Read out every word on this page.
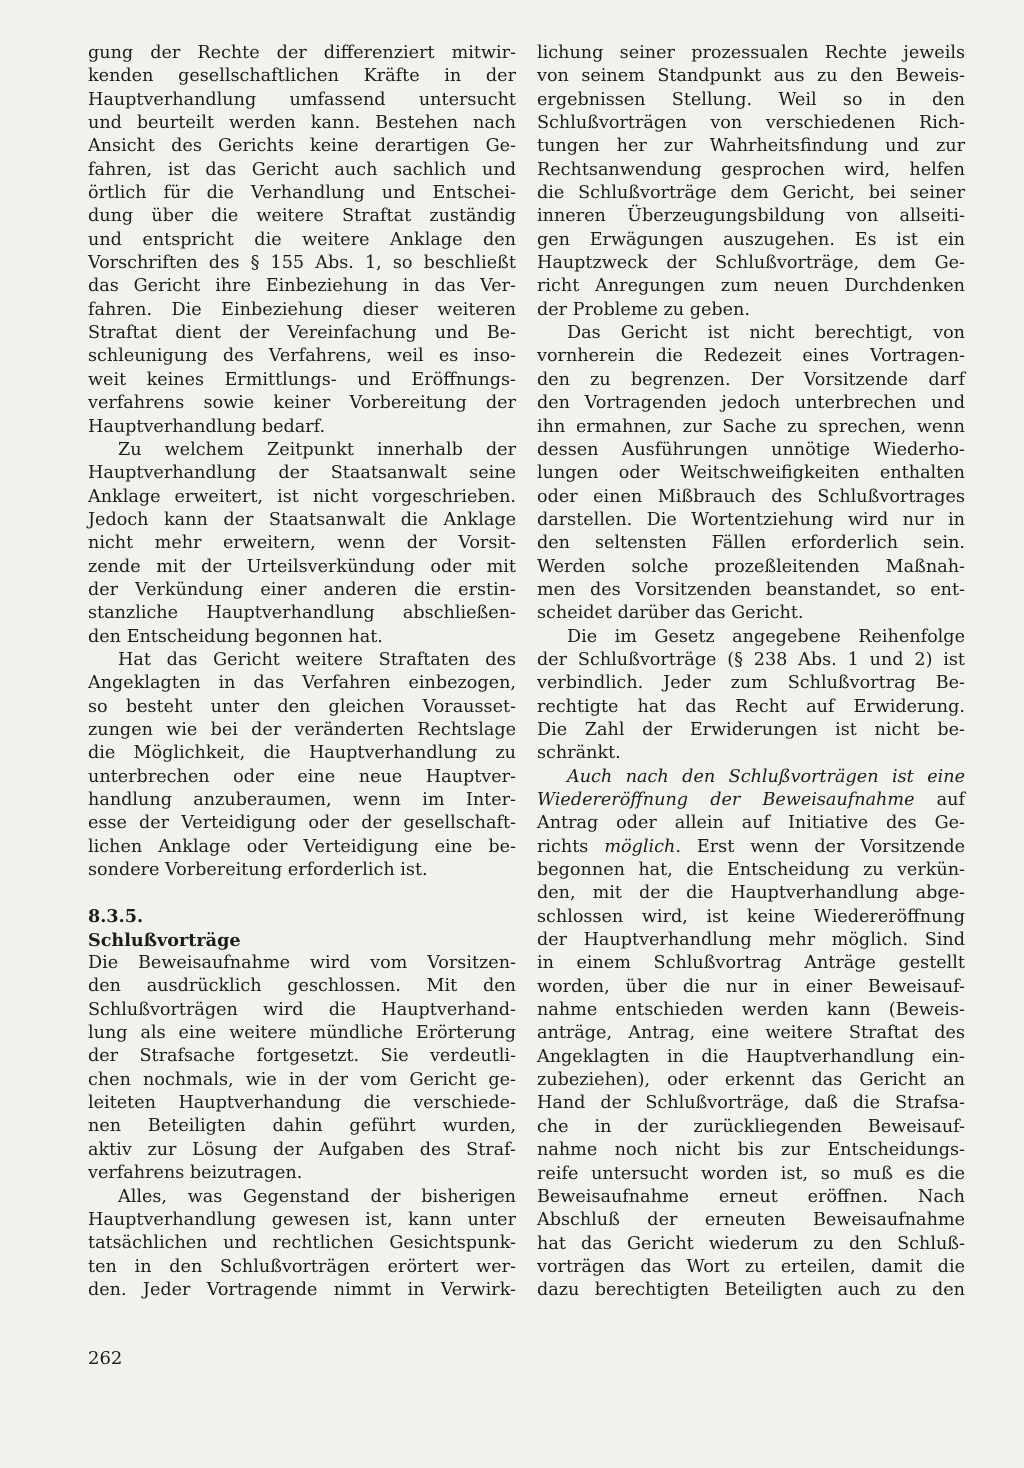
gung der Rechte der differenziert mitwir-
kenden gesellschaftlichen Kräfte in der
Hauptverhandlung umfassend untersucht
und beurteilt werden kann. Bestehen nach
Ansicht des Gerichts keine derartigen Ge-
fahren, ist das Gericht auch sachlich und
örtlich für die Verhandlung und Entschei-
dung über die weitere Straftat zuständig
und entspricht die weitere Anklage den
Vorschriften des § 155 Abs. 1, so beschließt
das Gericht ihre Einbeziehung in das Ver-
fahren. Die Einbeziehung dieser weiteren
Straftat dient der Vereinfachung und Be-
schleunigung des Verfahrens, weil es inso-
weit keines Ermittlungs- und Eröffnungs-
verfahrens sowie keiner Vorbereitung der
Hauptverhandlung bedarf.
Zu welchem Zeitpunkt innerhalb der
Hauptverhandlung der Staatsanwalt seine
Anklage erweitert, ist nicht vorgeschrieben.
Jedoch kann der Staatsanwalt die Anklage
nicht mehr erweitern, wenn der Vorsit-
zende mit der Urteilsverkündung oder mit
der Verkündung einer anderen die erstin-
stanzliche Hauptverhandlung abschließen-
den Entscheidung begonnen hat.
Hat das Gericht weitere Straftaten des
Angeklagten in das Verfahren einbezogen,
so besteht unter den gleichen Vorausset-
zungen wie bei der veränderten Rechtslage
die Möglichkeit, die Hauptverhandlung zu
unterbrechen oder eine neue Hauptver-
handlung anzuberaumen, wenn im Inter-
esse der Verteidigung oder der gesellschaft-
lichen Anklage oder Verteidigung eine be-
sondere Vorbereitung erforderlich ist.
8.3.5.
Schlußvorträge
Die Beweisaufnahme wird vom Vorsitzen-
den ausdrücklich geschlossen. Mit den
Schlußvorträgen wird die Hauptverhand-
lung als eine weitere mündliche Erörterung
der Strafsache fortgesetzt. Sie verdeutli-
chen nochmals, wie in der vom Gericht ge-
leiteten Hauptverhandung die verschiede-
nen Beteiligten dahin geführt wurden,
aktiv zur Lösung der Aufgaben des Straf-
verfahrens beizutragen.
Alles, was Gegenstand der bisherigen
Hauptverhandlung gewesen ist, kann unter
tatsächlichen und rechtlichen Gesichtspunk-
ten in den Schlußvorträgen erörtert wer-
den. Jeder Vortragende nimmt in Verwirk-
lichung seiner prozessualen Rechte jeweils
von seinem Standpunkt aus zu den Beweis-
ergebnissen Stellung. Weil so in den
Schlußvorträgen von verschiedenen Rich-
tungen her zur Wahrheitsfindung und zur
Rechtsanwendung gesprochen wird, helfen
die Schlußvorträge dem Gericht, bei seiner
inneren Überzeugungsbildung von allseiti-
gen Erwägungen auszugehen. Es ist ein
Hauptzweck der Schlußvorträge, dem Ge-
richt Anregungen zum neuen Durchdenken
der Probleme zu geben.
Das Gericht ist nicht berechtigt, von
vornherein die Redezeit eines Vortragen-
den zu begrenzen. Der Vorsitzende darf
den Vortragenden jedoch unterbrechen und
ihn ermahnen, zur Sache zu sprechen, wenn
dessen Ausführungen unnötige Wiederho-
lungen oder Weitschweifigkeiten enthalten
oder einen Mißbrauch des Schlußvortrages
darstellen. Die Wortentziehung wird nur in
den seltensten Fällen erforderlich sein.
Werden solche prozeßleitenden Maßnah-
men des Vorsitzenden beanstandet, so ent-
scheidet darüber das Gericht.
Die im Gesetz angegebene Reihenfolge
der Schlußvorträge (§ 238 Abs. 1 und 2) ist
verbindlich. Jeder zum Schlußvortrag Be-
rechtigte hat das Recht auf Erwiderung.
Die Zahl der Erwiderungen ist nicht be-
schränkt.
Auch nach den Schlußvorträgen ist eine
Wiedereröffnung der Beweisaufnahme auf
Antrag oder allein auf Initiative des Ge-
richts möglich. Erst wenn der Vorsitzende
begonnen hat, die Entscheidung zu verkün-
den, mit der die Hauptverhandlung abge-
schlossen wird, ist keine Wiedereröffnung
der Hauptverhandlung mehr möglich. Sind
in einem Schlußvortrag Anträge gestellt
worden, über die nur in einer Beweisauf-
nahme entschieden werden kann (Beweis-
anträge, Antrag, eine weitere Straftat des
Angeklagten in die Hauptverhandlung ein-
zubeziehen), oder erkennt das Gericht an
Hand der Schlußvorträge, daß die Strafsa-
che in der zurückliegenden Beweisauf-
nahme noch nicht bis zur Entscheidungs-
reife untersucht worden ist, so muß es die
Beweisaufnahme erneut eröffnen. Nach
Abschluß der erneuten Beweisaufnahme
hat das Gericht wiederum zu den Schluß-
vorträgen das Wort zu erteilen, damit die
dazu berechtigten Beteiligten auch zu den
262
